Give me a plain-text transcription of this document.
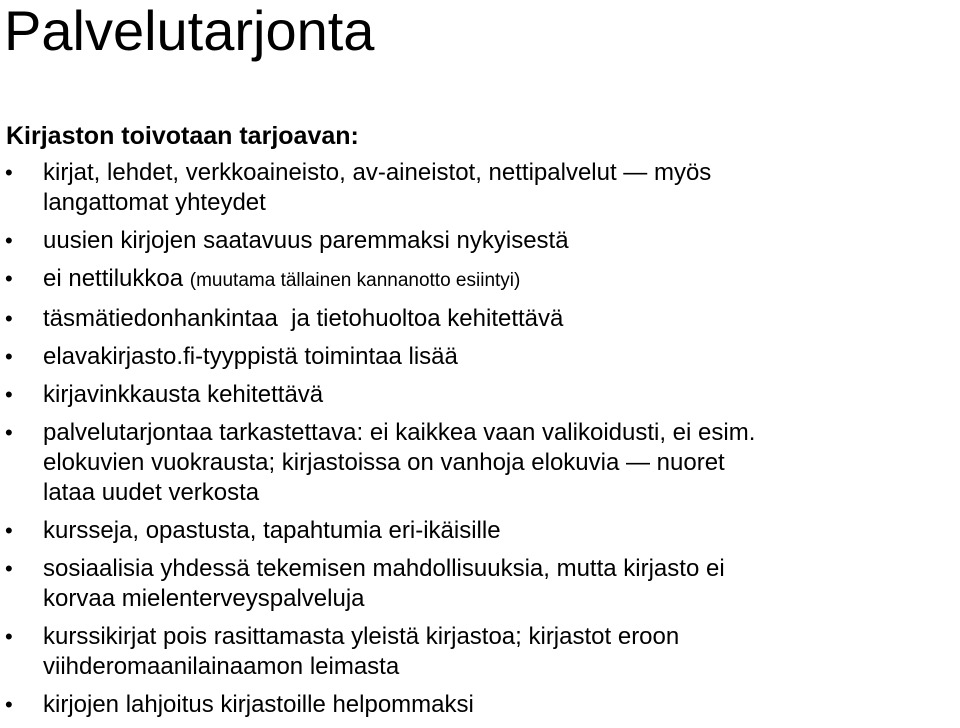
Palvelutarjonta
Kirjaston toivotaan tarjoavan:
• kirjat, lehdet, verkkoaineisto, av-aineistot, nettipalvelut — myös
langattomat yhteydet
• uusien kirjojen saatavuus paremmaksi nykyisestä
• ei nettilukkoa (muutama tällainen kannanotto esiintyi)
• täsmätiedonhankintaa  ja tietohuoltoa kehitettävä
• elavakirjasto.fi-tyyppistä toimintaa lisää
• kirjavinkkausta kehitettävä
• palvelutarjontaa tarkastettava: ei kaikkea vaan valikoidusti, ei esim.
elokuvien vuokrausta; kirjastoissa on vanhoja elokuvia — nuoret
lataa uudet verkosta
• kursseja, opastusta, tapahtumia eri-ikäisille
• sosiaalisia yhdessä tekemisen mahdollisuuksia, mutta kirjasto ei
korvaa mielenterveyspalveluja
• kurssikirjat pois rasittamasta yleistä kirjastoa; kirjastot eroon
viihderomaanilainaamon leimasta
• kirjojen lahjoitus kirjastoille helpommaksi
